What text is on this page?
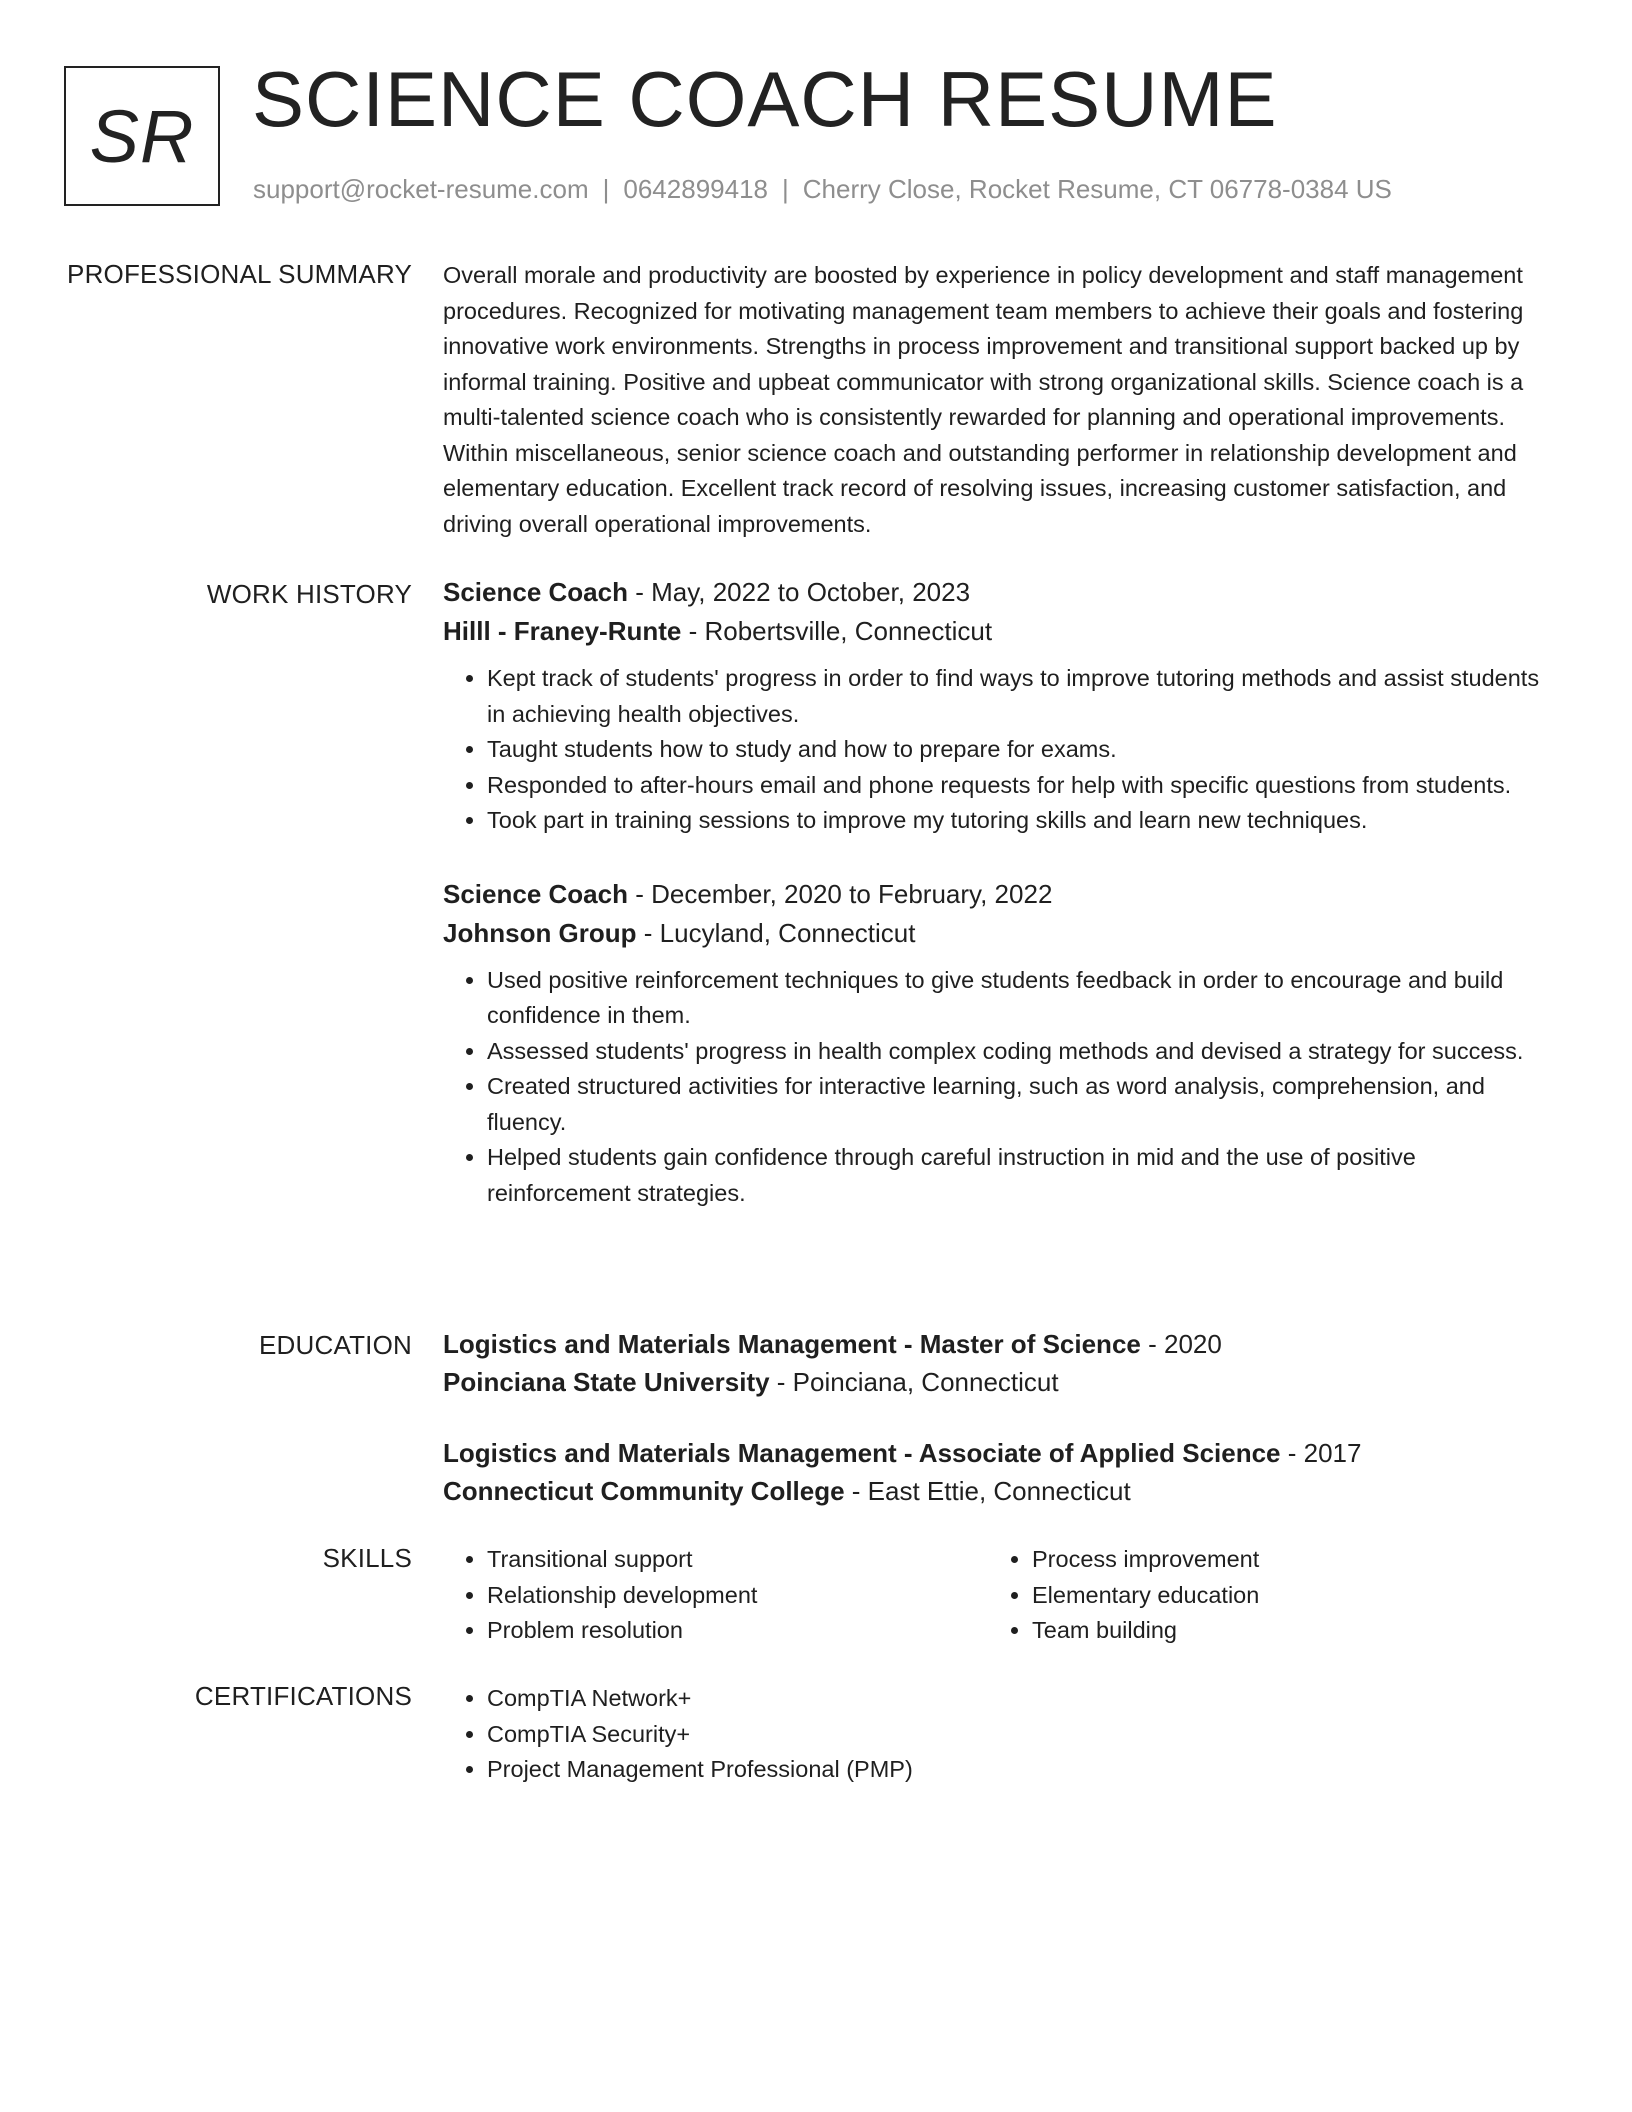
SR SCIENCE COACH RESUME
support@rocket-resume.com | 0642899418 | Cherry Close, Rocket Resume, CT 06778-0384 US
PROFESSIONAL SUMMARY Overall morale and productivity are boosted by experience in policy development and staff management procedures. Recognized for motivating management team members to achieve their goals and fostering innovative work environments. Strengths in process improvement and transitional support backed up by informal training. Positive and upbeat communicator with strong organizational skills. Science coach is a multi-talented science coach who is consistently rewarded for planning and operational improvements. Within miscellaneous, senior science coach and outstanding performer in relationship development and elementary education. Excellent track record of resolving issues, increasing customer satisfaction, and driving overall operational improvements.

WORK HISTORY Science Coach - May, 2022 to October, 2023
Hilll - Franey-Runte - Robertsville, Connecticut
• Kept track of students' progress in order to find ways to improve tutoring methods and assist students in achieving health objectives.
• Taught students how to study and how to prepare for exams.
• Responded to after-hours email and phone requests for help with specific questions from students.
• Took part in training sessions to improve my tutoring skills and learn new techniques.
Science Coach - December, 2020 to February, 2022
Johnson Group - Lucyland, Connecticut
• Used positive reinforcement techniques to give students feedback in order to encourage and build confidence in them.
• Assessed students' progress in health complex coding methods and devised a strategy for success.
• Created structured activities for interactive learning, such as word analysis, comprehension, and fluency.
• Helped students gain confidence through careful instruction in mid and the use of positive reinforcement strategies.
EDUCATION Logistics and Materials Management - Master of Science - 2020
Poinciana State University - Poinciana, Connecticut
Logistics and Materials Management - Associate of Applied Science - 2017
Connecticut Community College - East Ettie, Connecticut
SKILLS	• Transitional support
• Relationship development
• Problem resolution
• Process improvement
• Elementary education
• Team building
CERTIFICATIONS	• CompTIA Network+
• CompTIA Security+
• Project Management Professional (PMP)
